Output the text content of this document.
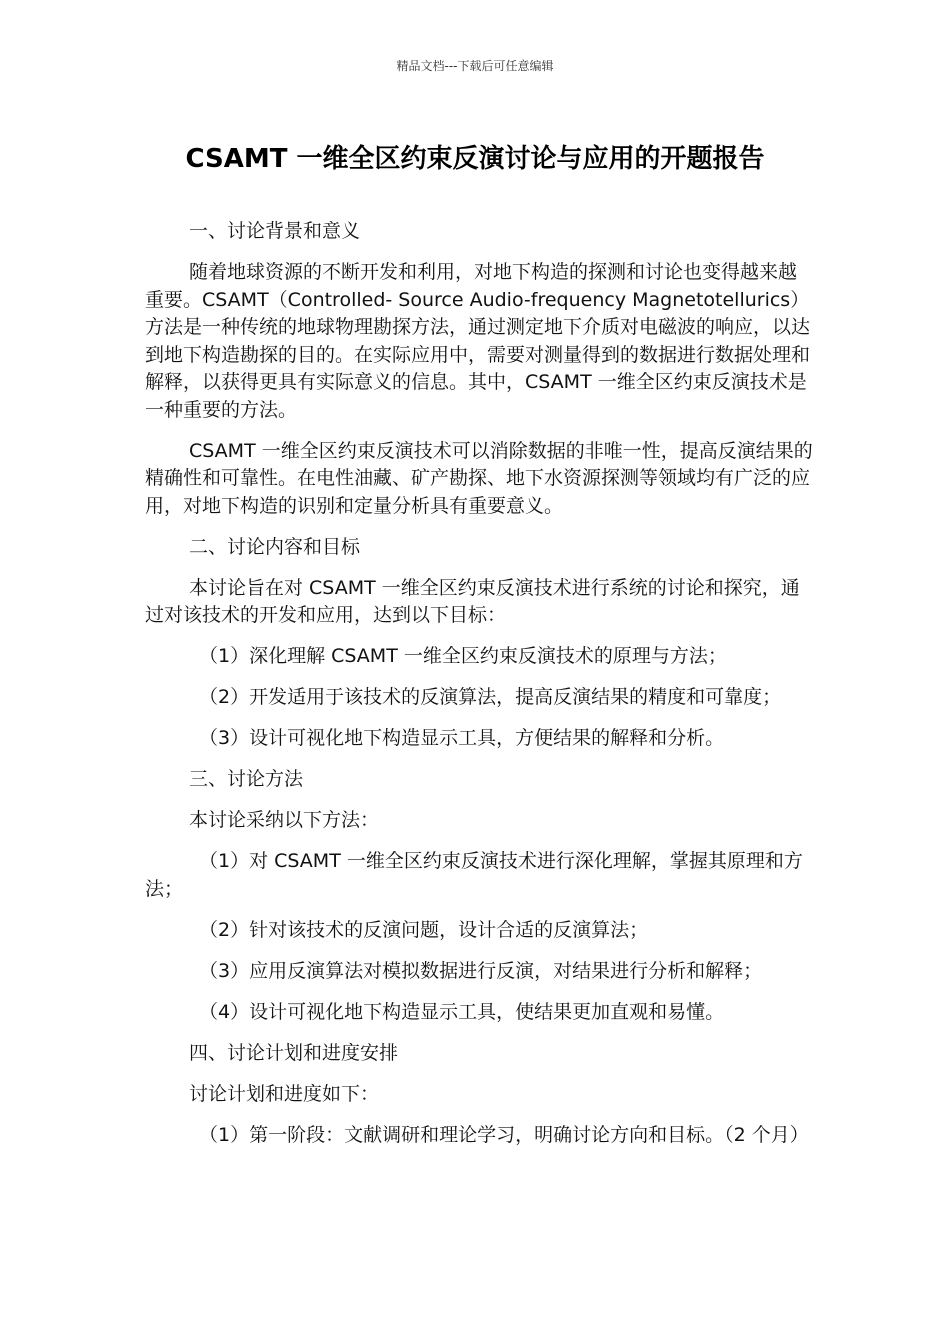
精品文档---下载后可任意编辑
CSAMT 一维全区约束反演讨论与应用的开题报告

一、讨论背景和意义

随着地球资源的不断开发和利用，对地下构造的探测和讨论也变得越来越重要。CSAMT（Controlled- Source Audio-frequency Magnetotellurics）方法是一种传统的地球物理勘探方法，通过测定地下介质对电磁波的响应，以达到地下构造勘探的目的。在实际应用中，需要对测量得到的数据进行数据处理和解释，以获得更具有实际意义的信息。其中，CSAMT 一维全区约束反演技术是一种重要的方法。

CSAMT 一维全区约束反演技术可以消除数据的非唯一性，提高反演结果的精确性和可靠性。在电性油藏、矿产勘探、地下水资源探测等领域均有广泛的应用，对地下构造的识别和定量分析具有重要意义。

二、讨论内容和目标

本讨论旨在对 CSAMT 一维全区约束反演技术进行系统的讨论和探究，通过对该技术的开发和应用，达到以下目标：

（1）深化理解 CSAMT 一维全区约束反演技术的原理与方法；

（2）开发适用于该技术的反演算法，提高反演结果的精度和可靠度；

（3）设计可视化地下构造显示工具，方便结果的解释和分析。

三、讨论方法

本讨论采纳以下方法：

（1）对 CSAMT 一维全区约束反演技术进行深化理解，掌握其原理和方法；

（2）针对该技术的反演问题，设计合适的反演算法；

（3）应用反演算法对模拟数据进行反演，对结果进行分析和解释；

（4）设计可视化地下构造显示工具，使结果更加直观和易懂。

四、讨论计划和进度安排

讨论计划和进度如下：

（1）第一阶段：文献调研和理论学习，明确讨论方向和目标。（2 个月）
